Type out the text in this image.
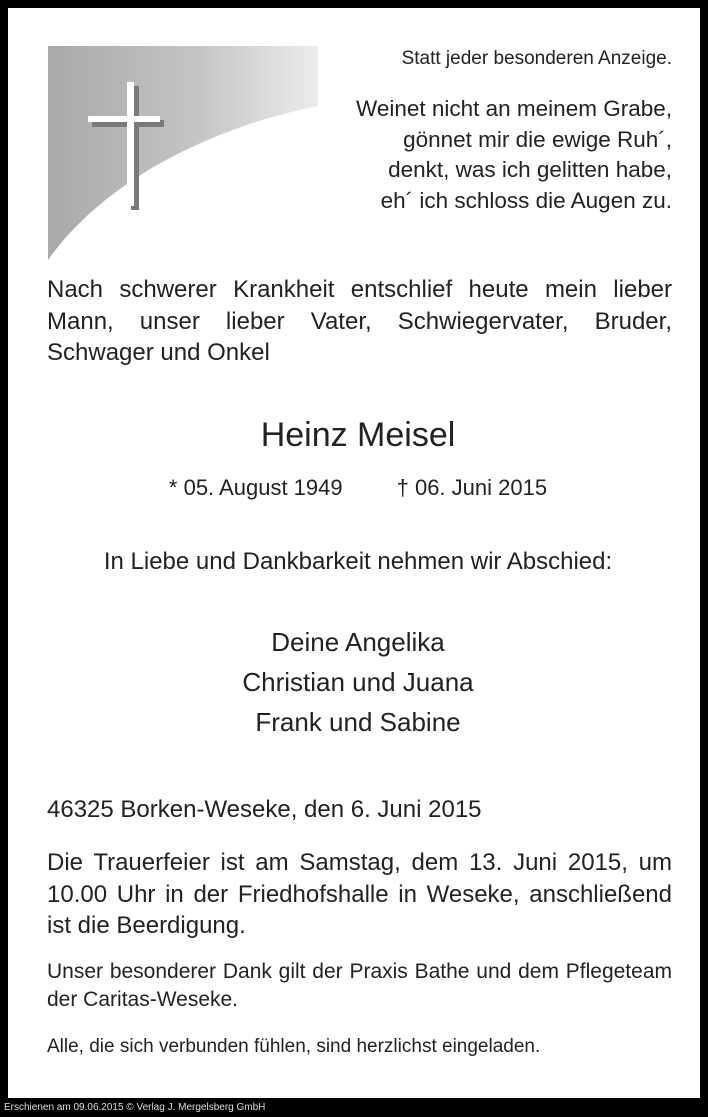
Statt jeder besonderen Anzeige.
Weinet nicht an meinem Grabe,
gönnet mir die ewige Ruh´,
denkt, was ich gelitten habe,
eh´ ich schloss die Augen zu.
Nach schwerer Krankheit entschlief heute mein lieber Mann, unser lieber Vater, Schwiegervater, Bruder, Schwager und Onkel
Heinz Meisel
* 05. August 1949 † 06. Juni 2015
In Liebe und Dankbarkeit nehmen wir Abschied:
Deine Angelika
Christian und Juana
Frank und Sabine
46325 Borken-Weseke, den 6. Juni 2015
Die Trauerfeier ist am Samstag, dem 13. Juni 2015, um 10.00 Uhr in der Friedhofshalle in Weseke, anschließend ist die Beerdigung.
Unser besonderer Dank gilt der Praxis Bathe und dem Pflegeteam der Caritas-Weseke.
Alle, die sich verbunden fühlen, sind herzlichst eingeladen.
Erschienen am 09.06.2015 © Verlag J. Mergelsberg GmbH
